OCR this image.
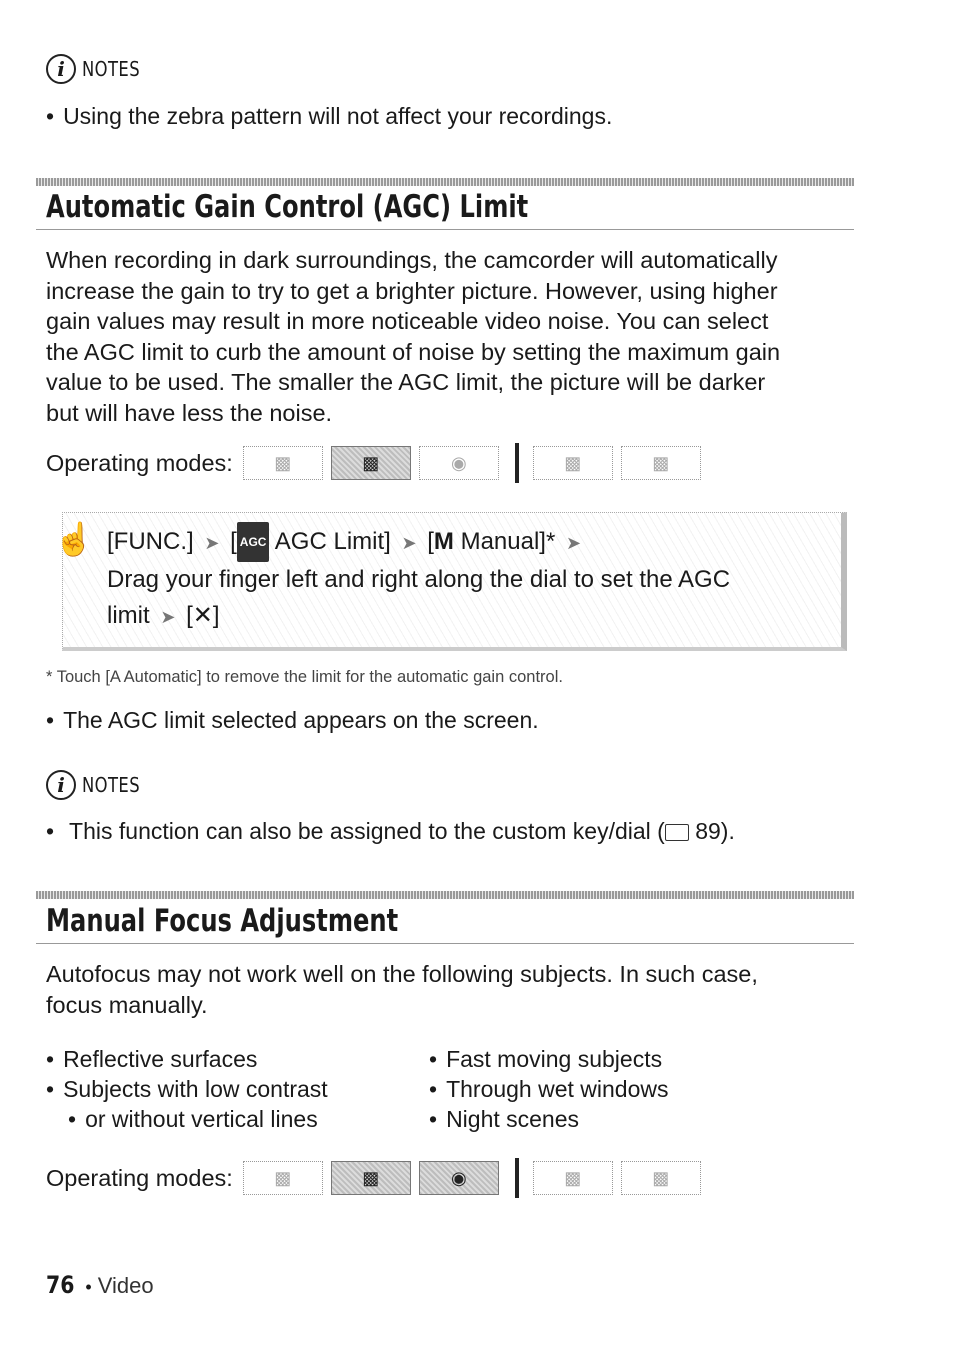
i NOTES
• Using the zebra pattern will not affect your recordings.
Automatic Gain Control (AGC) Limit
When recording in dark surroundings, the camcorder will automatically
increase the gain to try to get a brighter picture. However, using higher
gain values may result in more noticeable video noise. You can select
the AGC limit to curb the amount of noise by setting the maximum gain
value to be used. The smaller the AGC limit, the picture will be darker
but will have less the noise.
Operating modes:	▩	▩	◉	▩	▩
☝ [FUNC.] ➤ [ AGC AGC Limit] ➤ [M Manual]* ➤
Drag your finger left and right along the dial to set the AGC
limit ➤ [✕]
* Touch [A Automatic] to remove the limit for the automatic gain control.
• The AGC limit selected appears on the screen.
i NOTES
• This function can also be assigned to the custom key/dial ( 89).
Manual Focus Adjustment
Autofocus may not work well on the following subjects. In such case,
focus manually.
• Reflective surfaces
• Subjects with low contrast
• or without vertical lines
• Fast moving subjects
• Through wet windows
• Night scenes
Operating modes:	▩	▩	◉	▩	▩
76 • Video
